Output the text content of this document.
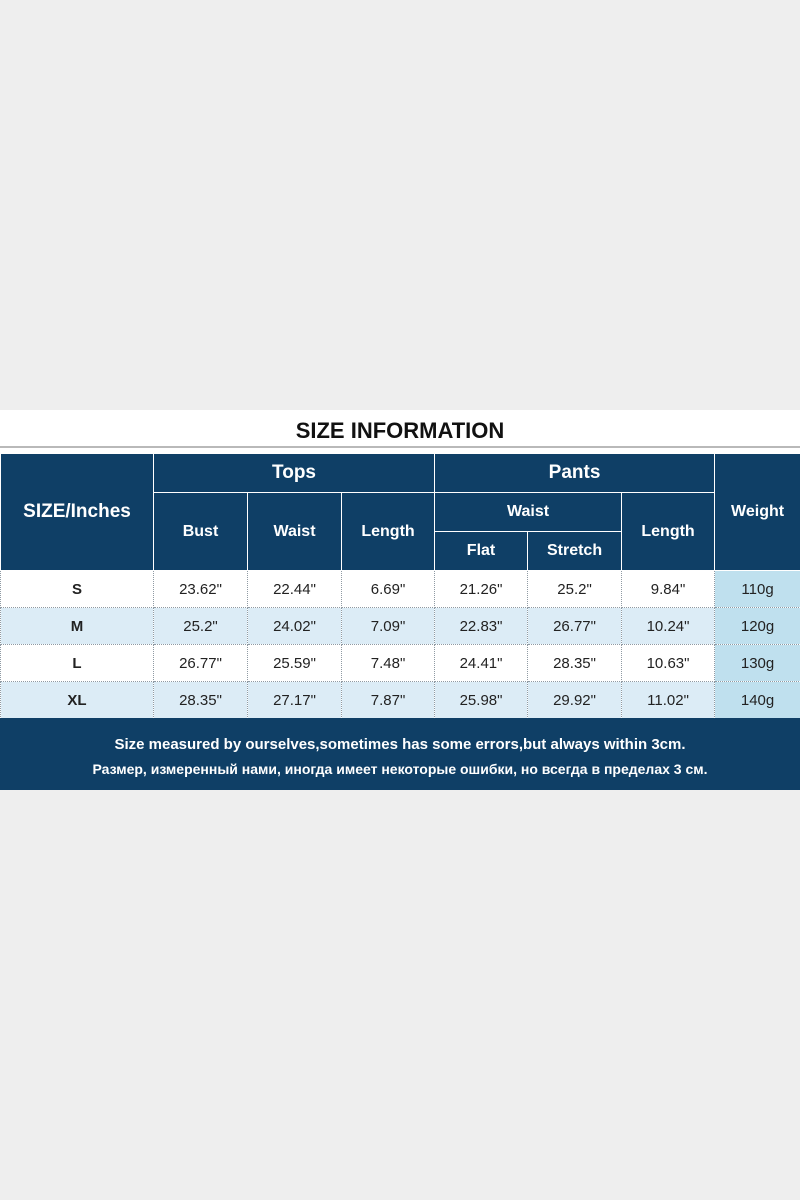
SIZE INFORMATION
SIZE/Inches	Tops			Pants			Weight
	Bust	Waist	Length	Waist		Length	
				Flat	Stretch		
S	23.62"	22.44"	6.69"	21.26"	25.2"	9.84"	110g
M	25.2"	24.02"	7.09"	22.83"	26.77"	10.24"	120g
L	26.77"	25.59"	7.48"	24.41"	28.35"	10.63"	130g
XL	28.35"	27.17"	7.87"	25.98"	29.92"	11.02"	140g
Size measured by ourselves,sometimes has some errors,but always within 3cm.
Размер, измеренный нами, иногда имеет некоторые ошибки, но всегда в пределах 3 см.
